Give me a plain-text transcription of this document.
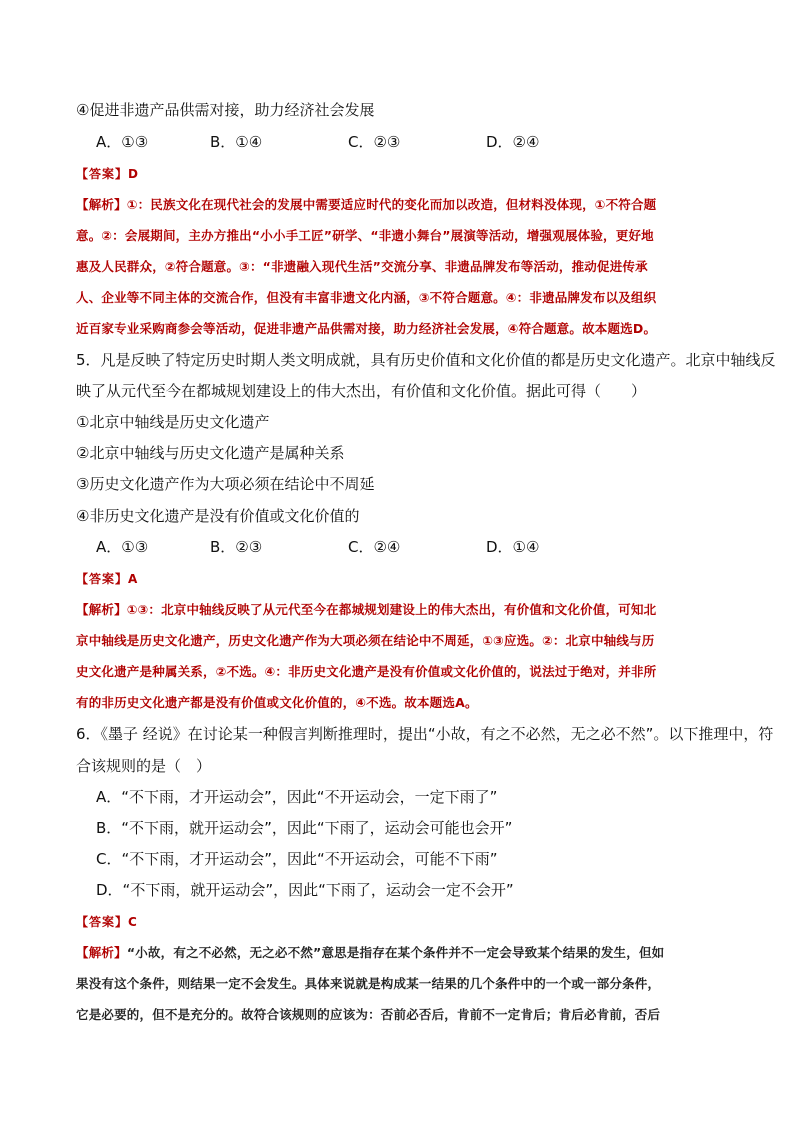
④促进非遗产品供需对接，助力经济社会发展
A．①③	B．①④	C．②③	D．②④
【答案】D
【解析】①：民族文化在现代社会的发展中需要适应时代的变化而加以改造，但材料没体现，①不符合题
意。②：会展期间，主办方推出“小小手工匠”研学、“非遗小舞台”展演等活动，增强观展体验，更好地
惠及人民群众，②符合题意。③：“非遗融入现代生活”交流分享、非遗品牌发布等活动，推动促进传承
人、企业等不同主体的交流合作，但没有丰富非遗文化内涵，③不符合题意。④：非遗品牌发布以及组织
近百家专业采购商参会等活动，促进非遗产品供需对接，助力经济社会发展，④符合题意。故本题选D。
5．凡是反映了特定历史时期人类文明成就，具有历史价值和文化价值的都是历史文化遗产。北京中轴线反
映了从元代至今在都城规划建设上的伟大杰出，有价值和文化价值。据此可得（　　）
①北京中轴线是历史文化遗产
②北京中轴线与历史文化遗产是属种关系
③历史文化遗产作为大项必须在结论中不周延
④非历史文化遗产是没有价值或文化价值的
A．①③	B．②③	C．②④	D．①④
【答案】A
【解析】①③：北京中轴线反映了从元代至今在都城规划建设上的伟大杰出，有价值和文化价值，可知北
京中轴线是历史文化遗产，历史文化遗产作为大项必须在结论中不周延，①③应选。②：北京中轴线与历
史文化遗产是种属关系，②不选。④：非历史文化遗产是没有价值或文化价值的，说法过于绝对，并非所
有的非历史文化遗产都是没有价值或文化价值的，④不选。故本题选A。
6．《墨子 经说》在讨论某一种假言判断推理时，提出“小故，有之不必然，无之必不然”。以下推理中，符
合该规则的是（　）
A．“不下雨，才开运动会”，因此“不开运动会，一定下雨了”
B．“不下雨，就开运动会”，因此“下雨了，运动会可能也会开”
C．“不下雨，才开运动会”，因此“不开运动会，可能不下雨”
D．“不下雨，就开运动会”，因此“下雨了，运动会一定不会开”
【答案】C
【解析】“小故，有之不必然，无之必不然”意思是指存在某个条件并不一定会导致某个结果的发生，但如
果没有这个条件，则结果一定不会发生。具体来说就是构成某一结果的几个条件中的一个或一部分条件，
它是必要的，但不是充分的。故符合该规则的应该为：否前必否后，肯前不一定肯后；肯后必肯前，否后
